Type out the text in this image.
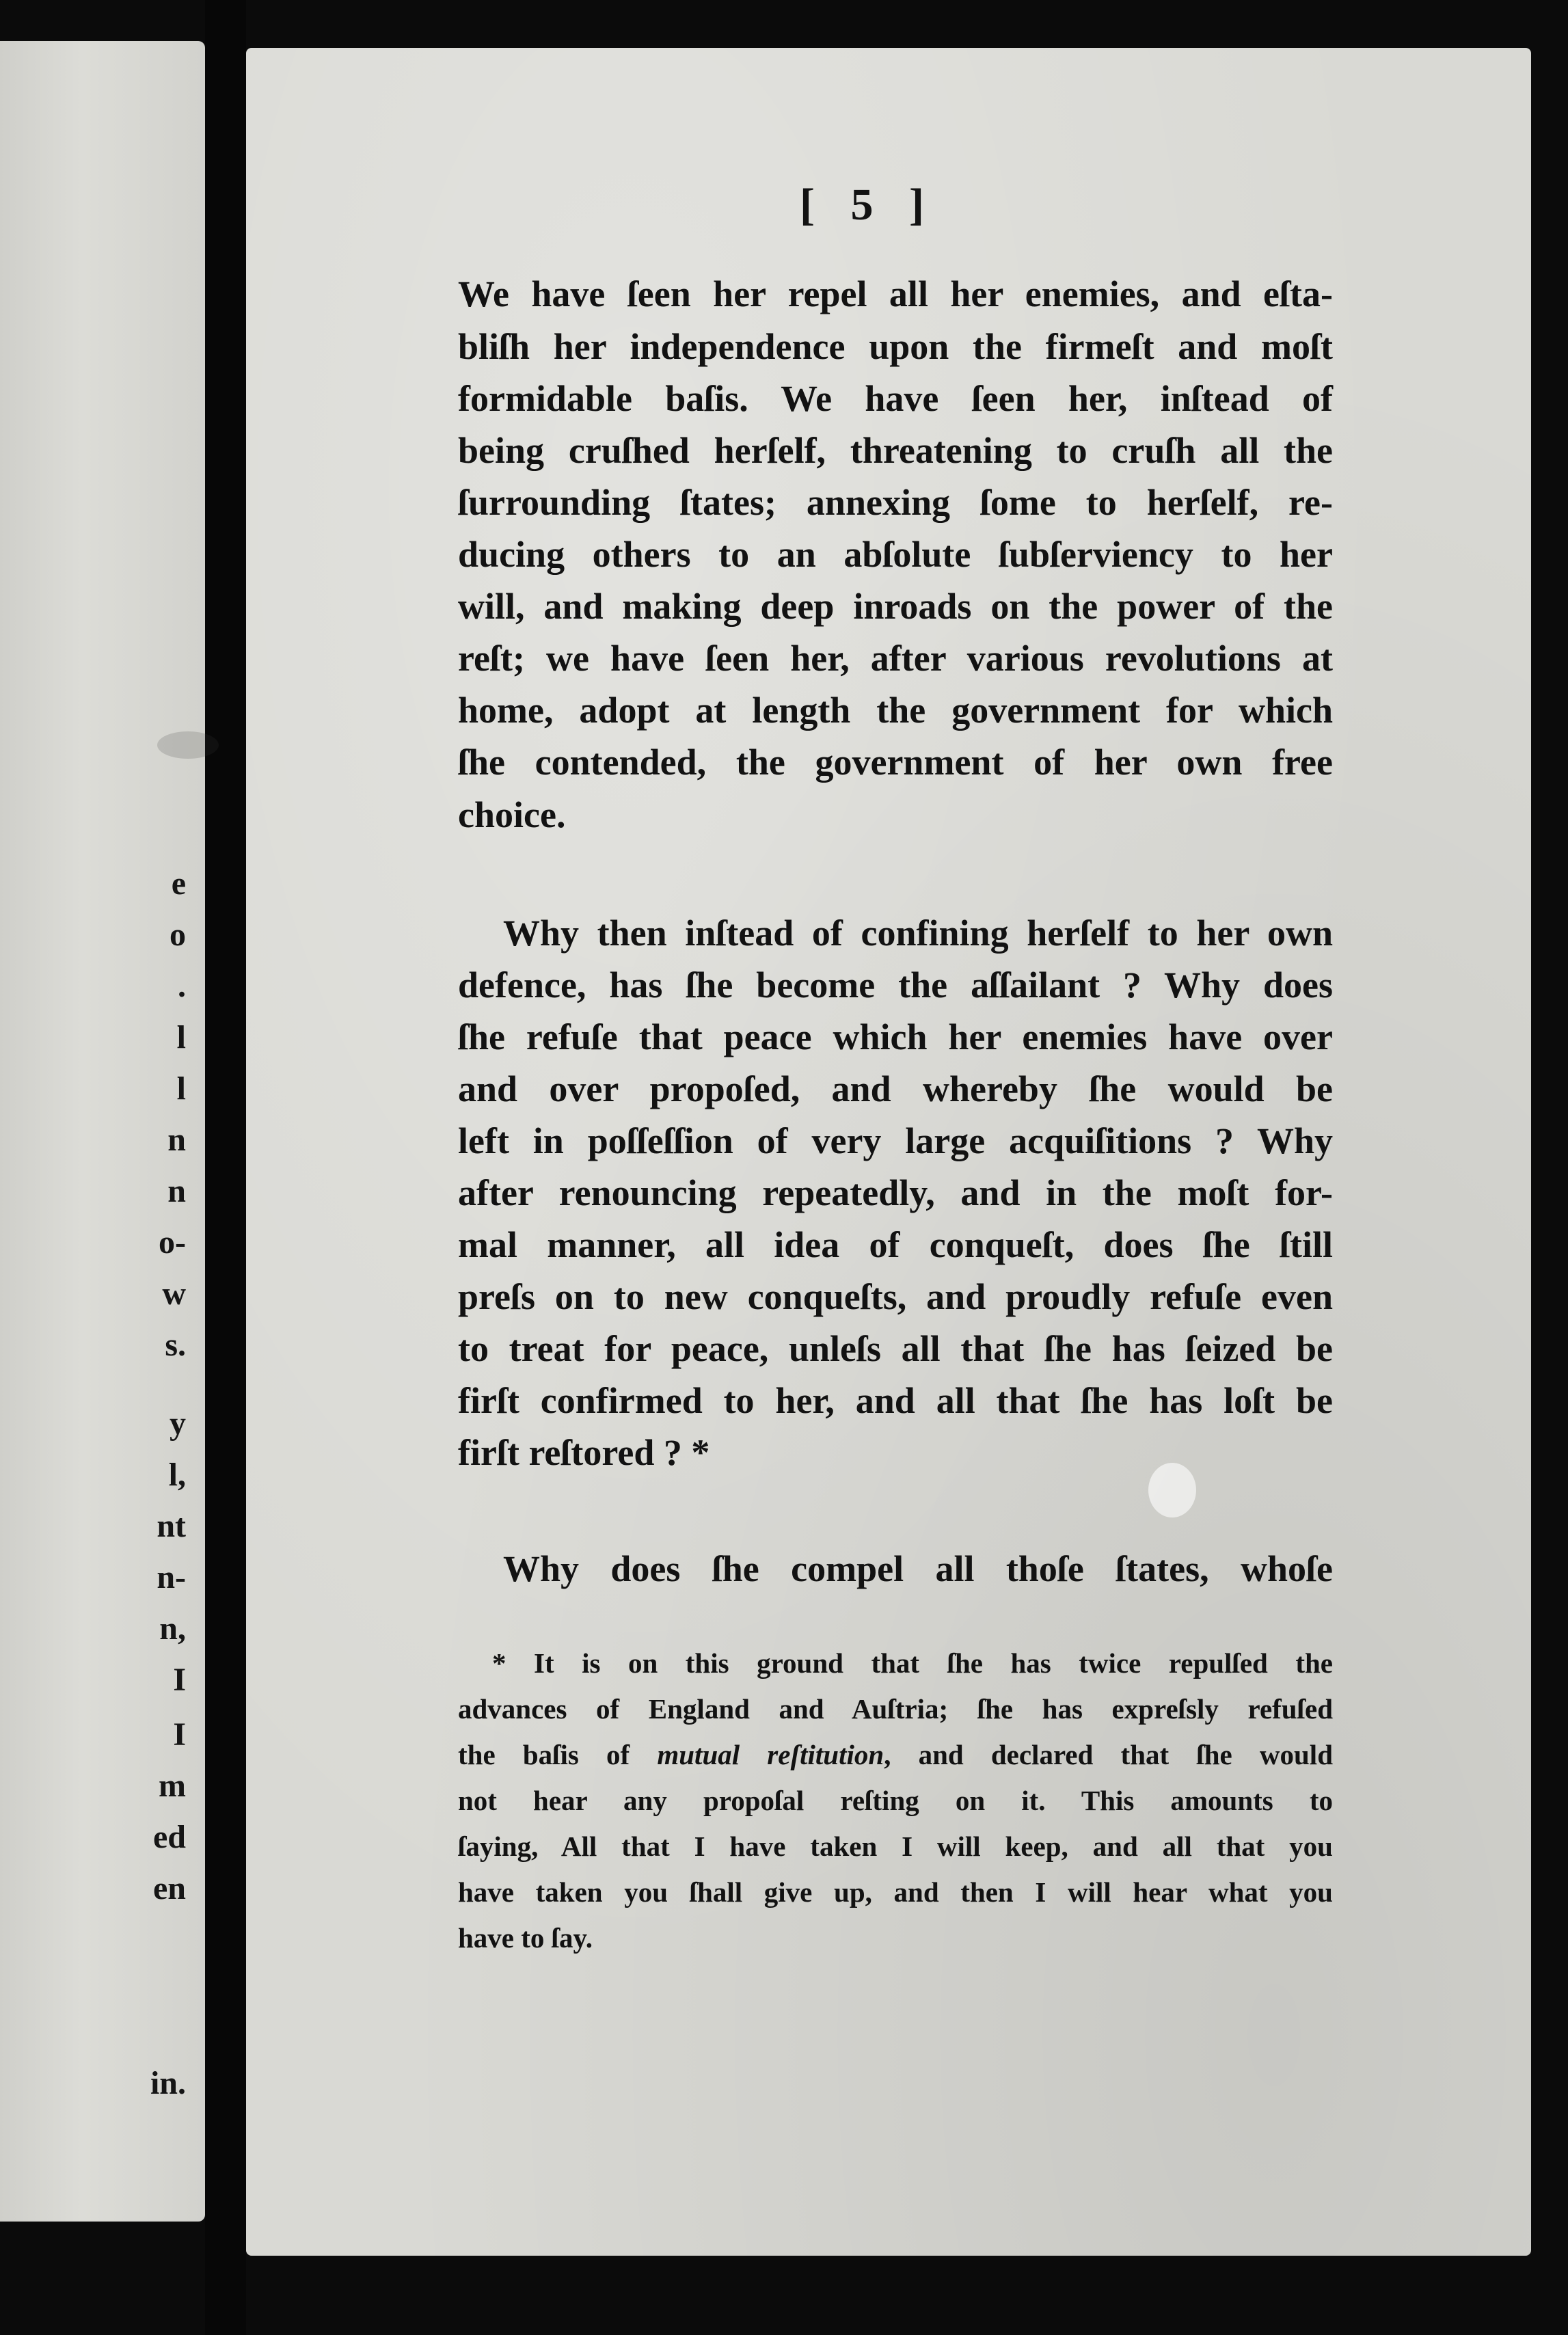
e
o
.
l
l
n
n
o-
w
s.
y
l,
nt
n-
n,
I
I
m
ed
en
in.
[ 5 ]
We have ſeen her repel all her enemies, and eſta-
bliſh her independence upon the firmeſt and moſt
formidable baſis. We have ſeen her, inſtead of
being cruſhed herſelf, threatening to cruſh all the
ſurrounding ſtates; annexing ſome to herſelf, re-
ducing others to an abſolute ſubſerviency to her
will, and making deep inroads on the power of the
reſt; we have ſeen her, after various revolutions at
home, adopt at length the government for which
ſhe contended, the government of her own free
choice.
Why then inſtead of confining herſelf to her own
defence, has ſhe become the aſſailant ? Why does
ſhe refuſe that peace which her enemies have over
and over propoſed, and whereby ſhe would be
left in poſſeſſion of very large acquiſitions ? Why
after renouncing repeatedly, and in the moſt for-
mal manner, all idea of conqueſt, does ſhe ſtill
preſs on to new conqueſts, and proudly refuſe even
to treat for peace, unleſs all that ſhe has ſeized be
firſt confirmed to her, and all that ſhe has loſt be
firſt reſtored ? *
Why does ſhe compel all thoſe ſtates, whoſe
* It is on this ground that ſhe has twice repulſed the
advances of England and Auſtria; ſhe has expreſsly refuſed
the baſis of mutual reſtitution, and declared that ſhe would
not hear any propoſal reſting on it. This amounts to
ſaying, All that I have taken I will keep, and all that you
have taken you ſhall give up, and then I will hear what you
have to ſay.
